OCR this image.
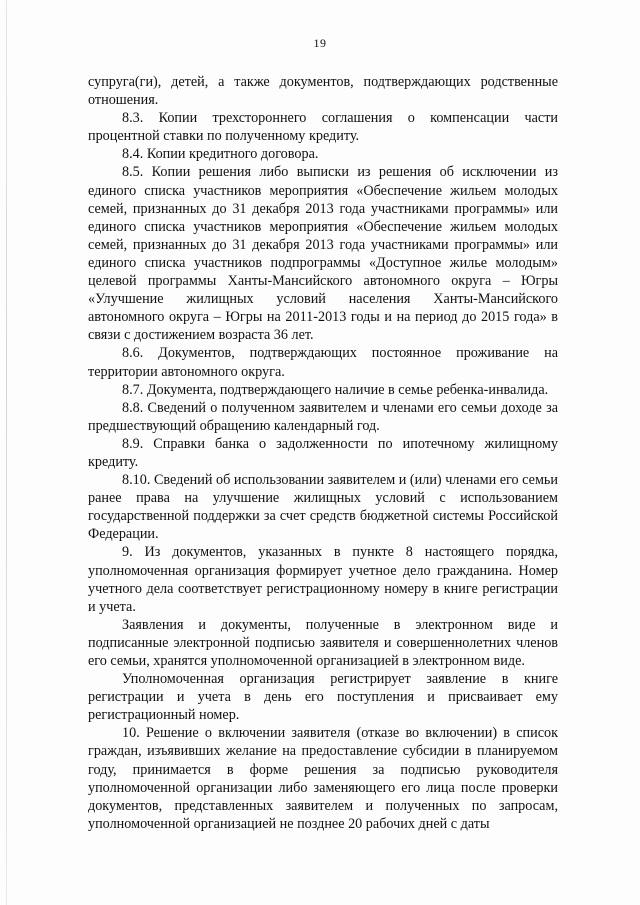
19

супруга(ги), детей, а также документов, подтверждающих родственные отношения.

8.3. Копии трехстороннего соглашения о компенсации части процентной ставки по полученному кредиту.

8.4. Копии кредитного договора.

8.5. Копии решения либо выписки из решения об исключении из единого списка участников мероприятия «Обеспечение жильем молодых семей, признанных до 31 декабря 2013 года участниками программы» или единого списка участников мероприятия «Обеспечение жильем молодых семей, признанных до 31 декабря 2013 года участниками программы» или единого списка участников подпрограммы «Доступное жилье молодым» целевой программы Ханты-Мансийского автономного округа – Югры «Улучшение жилищных условий населения Ханты-Мансийского автономного округа – Югры на 2011-2013 годы и на период до 2015 года» в связи с достижением возраста 36 лет.

8.6. Документов, подтверждающих постоянное проживание на территории автономного округа.

8.7. Документа, подтверждающего наличие в семье ребенка-инвалида.

8.8. Сведений о полученном заявителем и членами его семьи доходе за предшествующий обращению календарный год.

8.9. Справки банка о задолженности по ипотечному жилищному кредиту.

8.10. Сведений об использовании заявителем и (или) членами его семьи ранее права на улучшение жилищных условий с использованием государственной поддержки за счет средств бюджетной системы Российской Федерации.

9. Из документов, указанных в пункте 8 настоящего порядка, уполномоченная организация формирует учетное дело гражданина. Номер учетного дела соответствует регистрационному номеру в книге регистрации и учета.

Заявления и документы, полученные в электронном виде и подписанные электронной подписью заявителя и совершеннолетних членов его семьи, хранятся уполномоченной организацией в электронном виде.

Уполномоченная организация регистрирует заявление в книге регистрации и учета в день его поступления и присваивает ему регистрационный номер.

10. Решение о включении заявителя (отказе во включении) в список граждан, изъявивших желание на предоставление субсидии в планируемом году, принимается в форме решения за подписью руководителя уполномоченной организации либо заменяющего его лица после проверки документов, представленных заявителем и полученных по запросам, уполномоченной организацией не позднее 20 рабочих дней с даты
